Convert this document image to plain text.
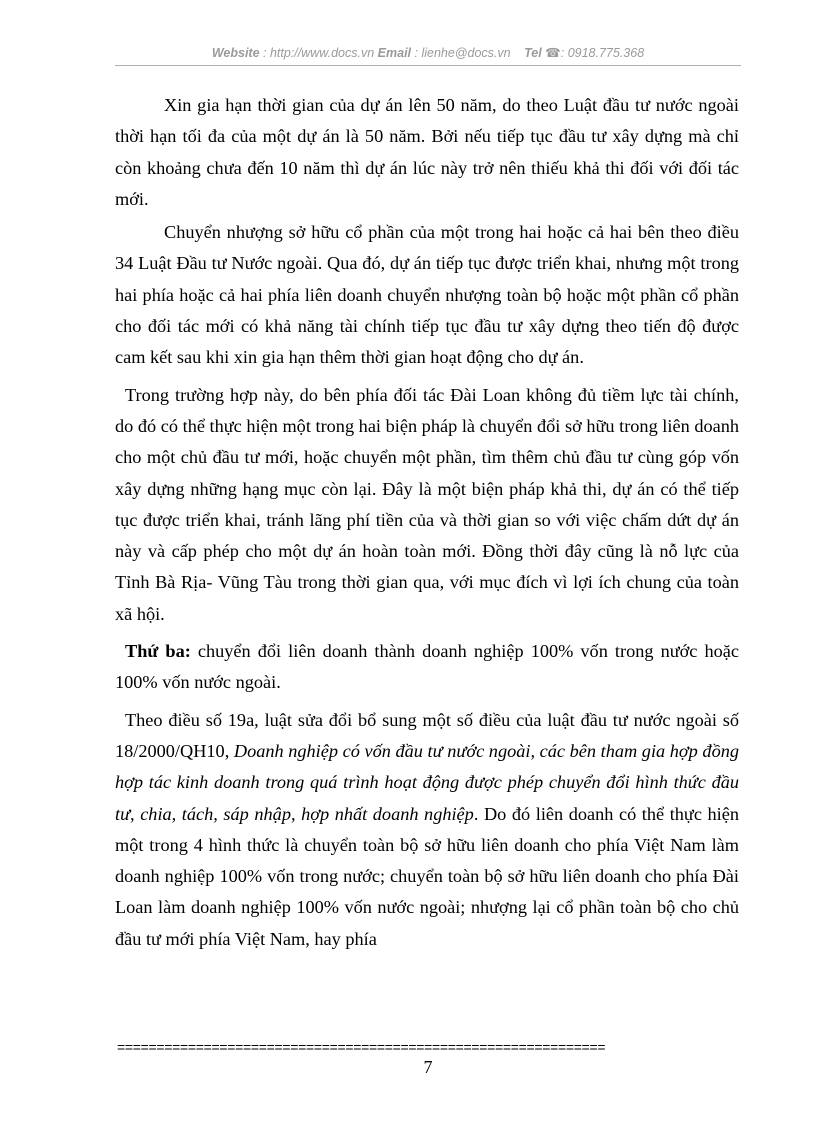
Website : http://www.docs.vn Email : lienhe@docs.vn Tel ☎: 0918.775.368

Xin gia hạn thời gian của dự án lên 50 năm, do theo Luật đầu tư nước ngoài thời hạn tối đa của một dự án là 50 năm. Bởi nếu tiếp tục đầu tư xây dựng mà chỉ còn khoảng chưa đến 10 năm thì dự án lúc này trở nên thiếu khả thi đối với đối tác mới.

Chuyển nhượng sở hữu cổ phần của một trong hai hoặc cả hai bên theo điều 34 Luật Đầu tư Nước ngoài. Qua đó, dự án tiếp tục được triển khai, nhưng một trong hai phía hoặc cả hai phía liên doanh chuyển nhượng toàn bộ hoặc một phần cổ phần cho đối tác mới có khả năng tài chính tiếp tục đầu tư xây dựng theo tiến độ được cam kết sau khi xin gia hạn thêm thời gian hoạt động cho dự án.

Trong trường hợp này, do bên phía đối tác Đài Loan không đủ tiềm lực tài chính, do đó có thể thực hiện một trong hai biện pháp là chuyển đổi sở hữu trong liên doanh cho một chủ đầu tư mới, hoặc chuyển một phần, tìm thêm chủ đầu tư cùng góp vốn xây dựng những hạng mục còn lại. Đây là một biện pháp khả thi, dự án có thể tiếp tục được triển khai, tránh lãng phí tiền của và thời gian so với việc chấm dứt dự án này và cấp phép cho một dự án hoàn toàn mới. Đồng thời đây cũng là nỗ lực của Tỉnh Bà Rịa- Vũng Tàu trong thời gian qua, với mục đích vì lợi ích chung của toàn xã hội.

Thứ ba: chuyển đổi liên doanh thành doanh nghiệp 100% vốn trong nước hoặc 100% vốn nước ngoài.

Theo điều số 19a, luật sửa đổi bổ sung một số điều của luật đầu tư nước ngoài số 18/2000/QH10, Doanh nghiệp có vốn đầu tư nước ngoài, các bên tham gia hợp đồng hợp tác kinh doanh trong quá trình hoạt động được phép chuyển đổi hình thức đầu tư, chia, tách, sáp nhập, hợp nhất doanh nghiệp. Do đó liên doanh có thể thực hiện một trong 4 hình thức là chuyển toàn bộ sở hữu liên doanh cho phía Việt Nam làm doanh nghiệp 100% vốn trong nước; chuyển toàn bộ sở hữu liên doanh cho phía Đài Loan làm doanh nghiệp 100% vốn nước ngoài; nhượng lại cổ phần toàn bộ cho chủ đầu tư mới phía Việt Nam, hay phía

==============================================================
7
